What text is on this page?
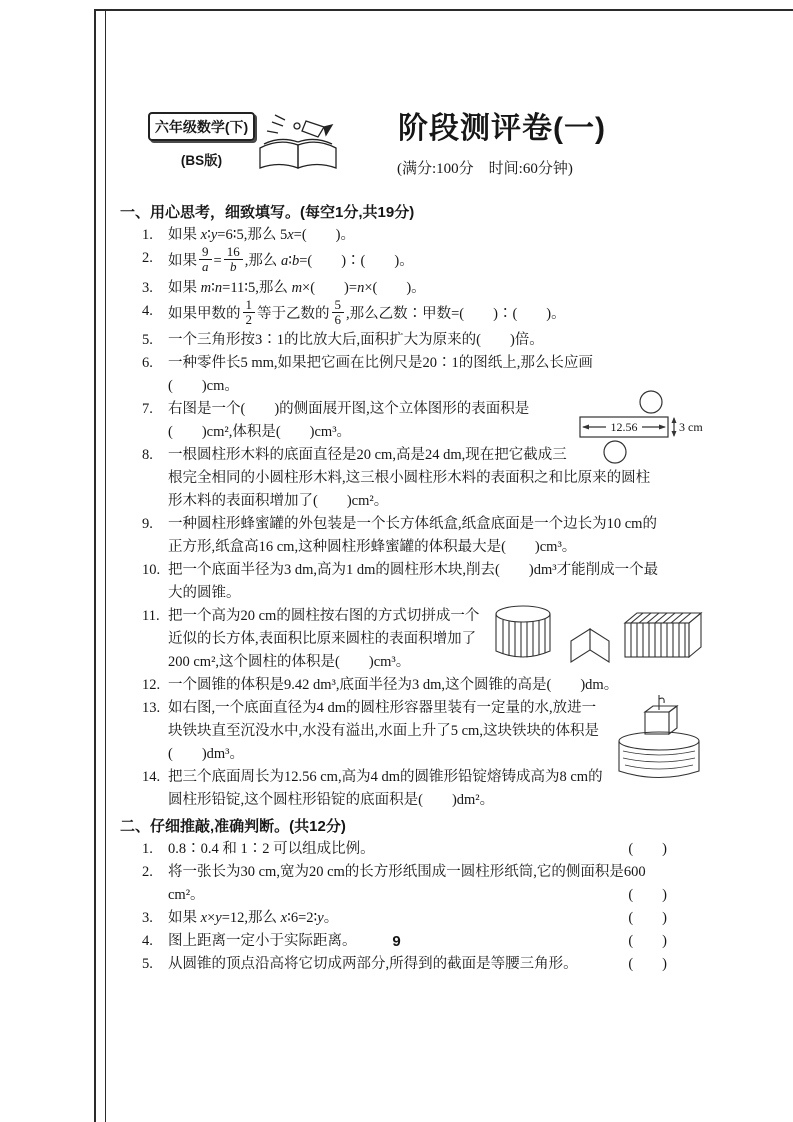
六年级数学(下)
(BS版)
阶段测评卷(一)
(满分:100分　时间:60分钟)
一、用心思考，细致填写。(每空1分,共19分)
1. 如果 x∶y=6∶5,那么 5x=(　　)。
2. 如果 $\frac{9}{a} = \frac{16}{b}$ ,那么 a∶b=(　　)∶(　　)。
3. 如果 m∶n=11∶5,那么 m×(　　)=n×(　　)。
4. 如果甲数的 $\frac{1}{2}$ 等于乙数的 $\frac{5}{6}$ ,那么乙数∶甲数=(　　)∶(　　)。
5. 一个三角形按3∶1的比放大后,面积扩大为原来的(　　)倍。
6. 一种零件长5 mm,如果把它画在比例尺是20∶1的图纸上,那么长应画(　　)cm。
12.56	3 cm
7. 右图是一个(　　)的侧面展开图,这个立体图形的表面积是(　　)cm²,体积是(　　)cm³。
8. 一根圆柱形木料的底面直径是20 cm,高是24 dm,现在把它截成三根完全相同的小圆柱形木料,这三根小圆柱形木料的表面积之和比原来的圆柱形木料的表面积增加了(　　)cm²。
9. 一种圆柱形蜂蜜罐的外包装是一个长方体纸盒,纸盒底面是一个边长为10 cm的正方形,纸盒高16 cm,这种圆柱形蜂蜜罐的体积最大是(　　)cm³。
10. 把一个底面半径为3 dm,高为1 dm的圆柱形木块,削去(　　)dm³才能削成一个最大的圆锥。
11. 把一个高为20 cm的圆柱按右图的方式切拼成一个近似的长方体,表面积比原来圆柱的表面积增加了200 cm²,这个圆柱的体积是(　　)cm³。
12. 一个圆锥的体积是9.42 dm³,底面半径为3 dm,这个圆锥的高是(　　)dm。
13. 如右图,一个底面直径为4 dm的圆柱形容器里装有一定量的水,放进一块铁块直至沉没水中,水没有溢出,水面上升了5 cm,这块铁块的体积是(　　)dm³。
14. 把三个底面周长为12.56 cm,高为4 dm的圆锥形铅锭熔铸成高为8 cm的圆柱形铅锭,这个圆柱形铅锭的底面积是(　　)dm²。
二、仔细推敲,准确判断。(共12分)
1. 0.8∶0.4 和 1∶2 可以组成比例。	(　　)
2. 将一张长为30 cm,宽为20 cm的长方形纸围成一圆柱形纸筒,它的侧面积是600 cm²。	(　　)
3. 如果 x×y=12,那么 x∶6=2∶y。	(　　)
4. 图上距离一定小于实际距离。	(　　)
5. 从圆锥的顶点沿高将它切成两部分,所得到的截面是等腰三角形。	(　　)
9
